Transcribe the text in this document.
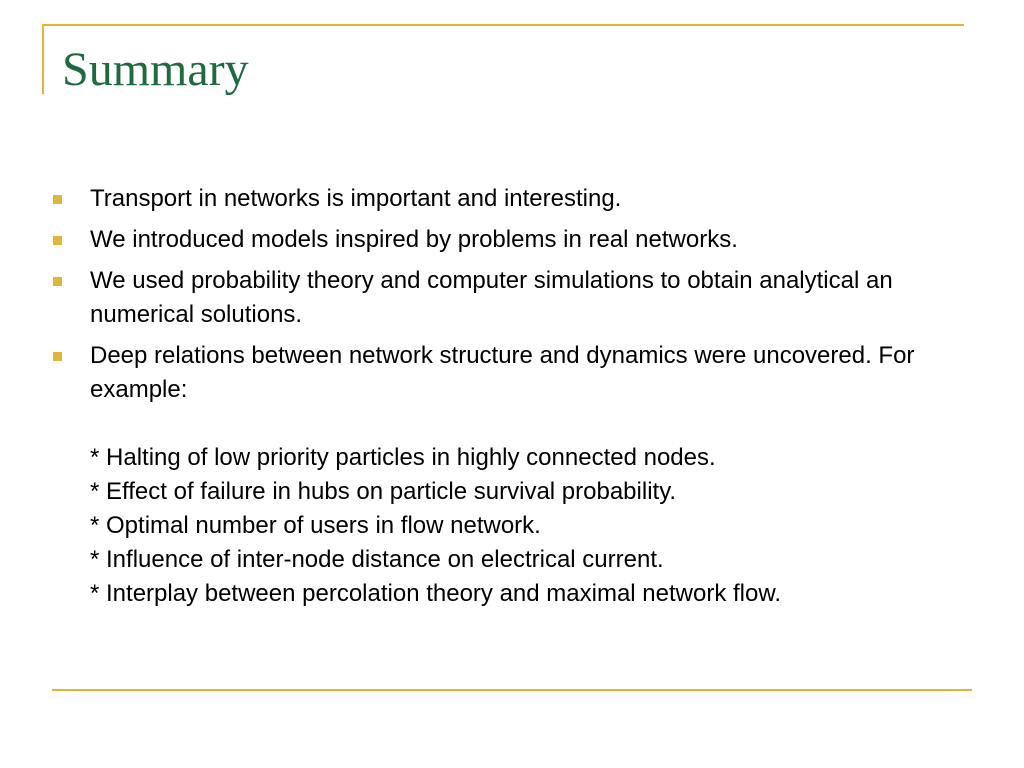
Summary
Transport in networks is important and interesting.
We introduced models inspired by problems in real networks.
We used probability theory and computer simulations to obtain analytical an numerical solutions.
Deep relations between network structure and dynamics were uncovered. For example:
* Halting of low priority particles in highly connected nodes.
* Effect of failure in hubs on particle survival probability.
* Optimal number of users in flow network.
* Influence of inter-node distance on electrical current.
* Interplay between percolation theory and maximal network flow.
